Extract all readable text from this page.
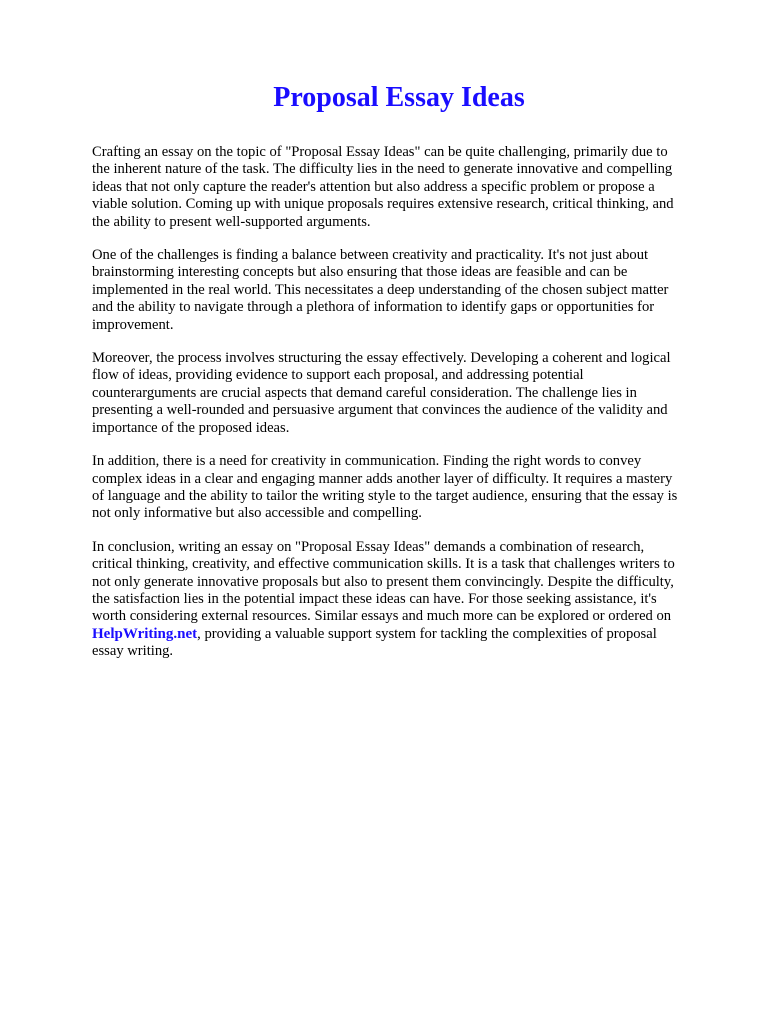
Proposal Essay Ideas

Crafting an essay on the topic of "Proposal Essay Ideas" can be quite challenging, primarily due to
the inherent nature of the task. The difficulty lies in the need to generate innovative and compelling
ideas that not only capture the reader's attention but also address a specific problem or propose a
viable solution. Coming up with unique proposals requires extensive research, critical thinking, and
the ability to present well-supported arguments.

One of the challenges is finding a balance between creativity and practicality. It's not just about
brainstorming interesting concepts but also ensuring that those ideas are feasible and can be
implemented in the real world. This necessitates a deep understanding of the chosen subject matter
and the ability to navigate through a plethora of information to identify gaps or opportunities for
improvement.

Moreover, the process involves structuring the essay effectively. Developing a coherent and logical
flow of ideas, providing evidence to support each proposal, and addressing potential
counterarguments are crucial aspects that demand careful consideration. The challenge lies in
presenting a well-rounded and persuasive argument that convinces the audience of the validity and
importance of the proposed ideas.

In addition, there is a need for creativity in communication. Finding the right words to convey
complex ideas in a clear and engaging manner adds another layer of difficulty. It requires a mastery
of language and the ability to tailor the writing style to the target audience, ensuring that the essay is
not only informative but also accessible and compelling.

In conclusion, writing an essay on "Proposal Essay Ideas" demands a combination of research,
critical thinking, creativity, and effective communication skills. It is a task that challenges writers to
not only generate innovative proposals but also to present them convincingly. Despite the difficulty,
the satisfaction lies in the potential impact these ideas can have. For those seeking assistance, it's
worth considering external resources. Similar essays and much more can be explored or ordered on
HelpWriting.net, providing a valuable support system for tackling the complexities of proposal
essay writing.
